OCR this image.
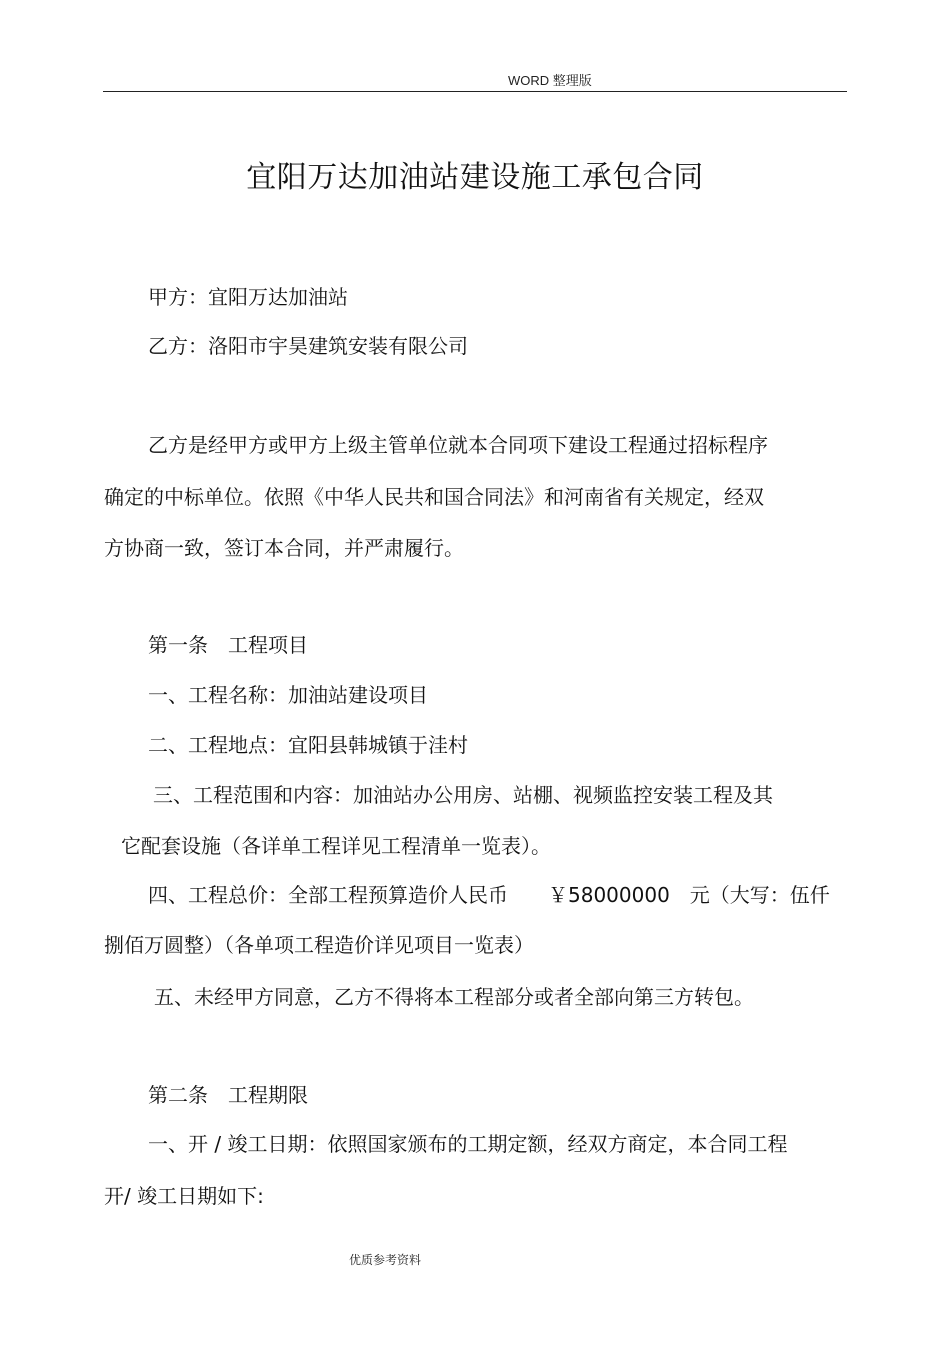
WORD 整理版
宜阳万达加油站建设施工承包合同
甲方：宜阳万达加油站
乙方：洛阳市宇昊建筑安装有限公司
乙方是经甲方或甲方上级主管单位就本合同项下建设工程通过招标程序
确定的中标单位。依照《中华人民共和国合同法》和河南省有关规定，经双
方协商一致，签订本合同，并严肃履行。
第一条　工程项目
一、工程名称：加油站建设项目
二、工程地点：宜阳县韩城镇于洼村
三、工程范围和内容：加油站办公用房、站棚、视频监控安装工程及其
它配套设施（各详单工程详见工程清单一览表）。
四、工程总价：全部工程预算造价人民币　　￥58000000　元（大写：伍仟
捌佰万圆整）（各单项工程造价详见项目一览表）
五、未经甲方同意，乙方不得将本工程部分或者全部向第三方转包。
第二条　工程期限
一、开 / 竣工日期：依照国家颁布的工期定额，经双方商定，本合同工程
开/ 竣工日期如下:
优质参考资料
